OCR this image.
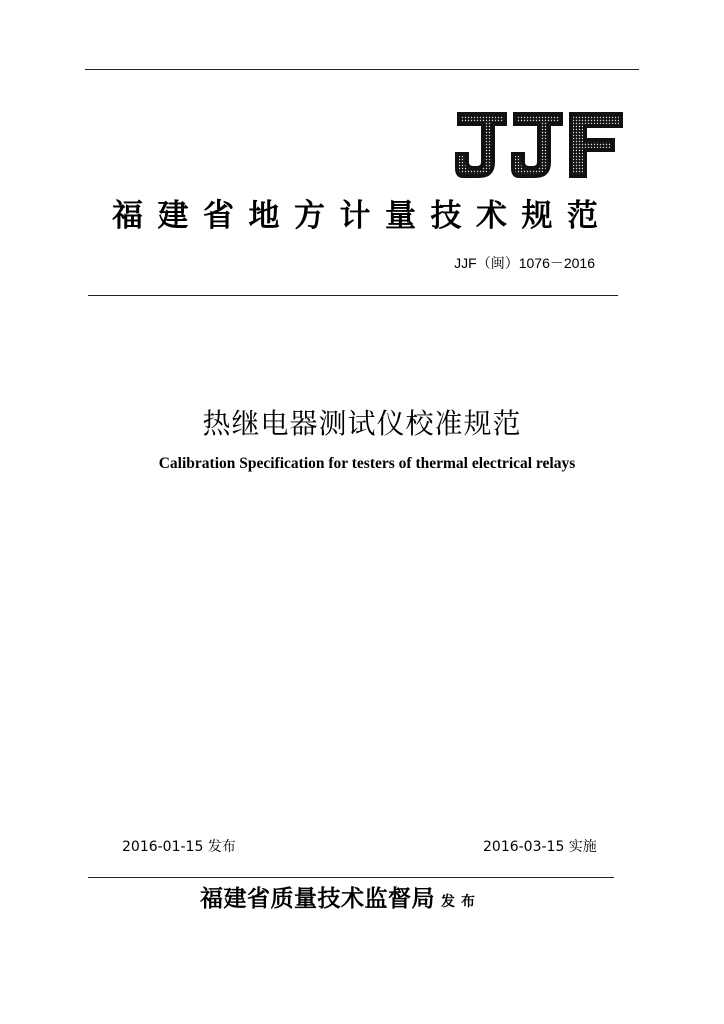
福建省地方计量技术规范
JJF（闽）1076－2016
热继电器测试仪校准规范
Calibration Specification for testers of thermal electrical relays
2016-01-15 发布	2016-03-15 实施
福建省质量技术监督局 发布
